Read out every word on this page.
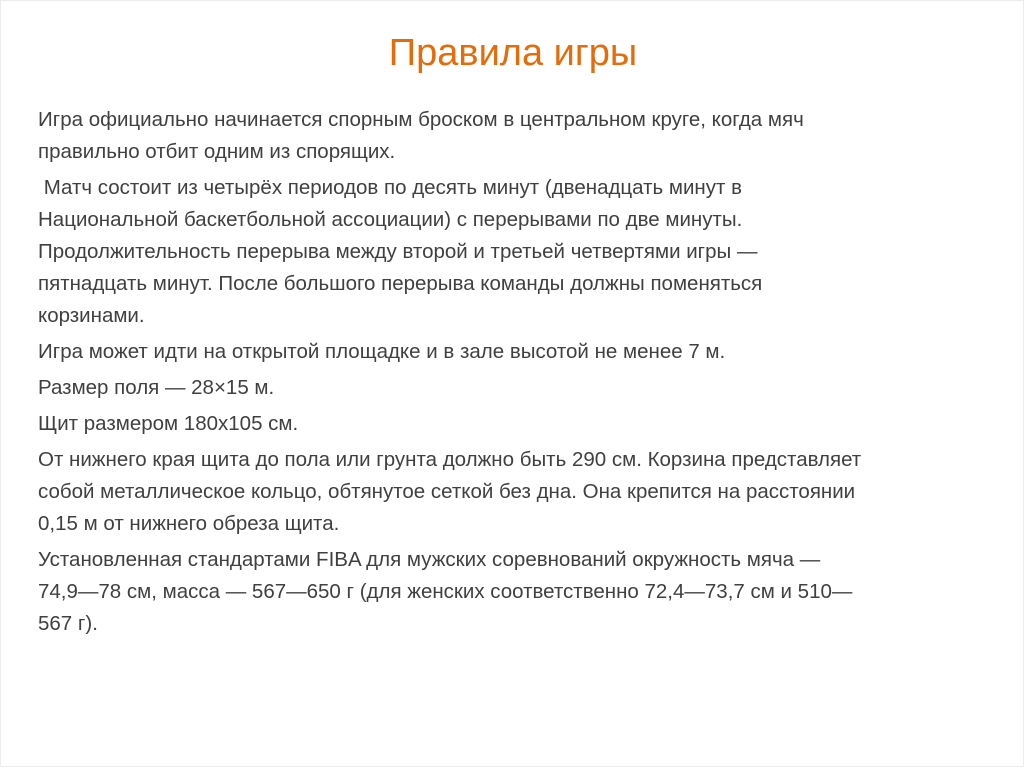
Правила игры

Игра официально начинается спорным броском в центральном круге, когда мяч
правильно отбит одним из спорящих.

Матч состоит из четырёх периодов по десять минут (двенадцать минут в
Национальной баскетбольной ассоциации) с перерывами по две минуты.
Продолжительность перерыва между второй и третьей четвертями игры —
пятнадцать минут. После большого перерыва команды должны поменяться
корзинами.

Игра может идти на открытой площадке и в зале высотой не менее 7 м.

Размер поля — 28×15 м.

Щит размером 180х105 см.

От нижнего края щита до пола или грунта должно быть 290 см. Корзина представляет
собой металлическое кольцо, обтянутое сеткой без дна. Она крепится на расстоянии
0,15 м от нижнего обреза щита.

Установленная стандартами FIBA для мужских соревнований окружность мяча —
74,9—78 см, масса — 567—650 г (для женских соответственно 72,4—73,7 см и 510—
567 г).
